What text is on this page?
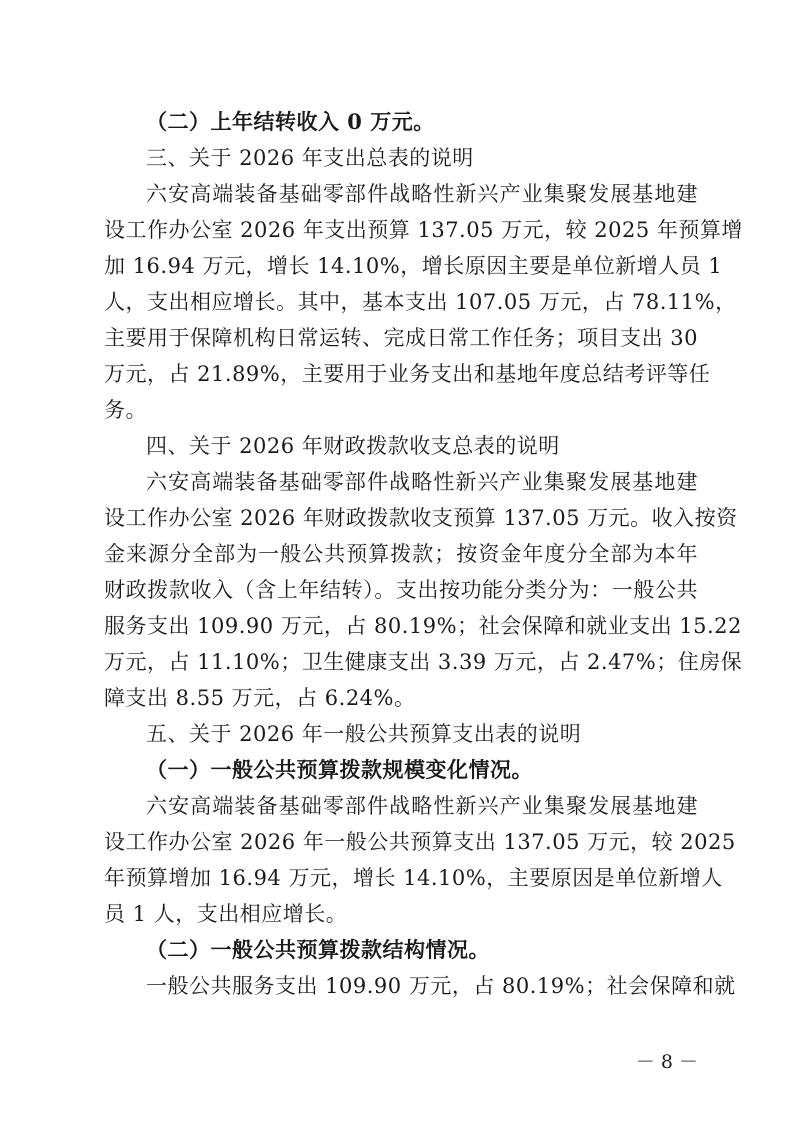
（二）上年结转收入 0 万元。
三、关于 2026 年支出总表的说明
六安高端装备基础零部件战略性新兴产业集聚发展基地建
设工作办公室 2026 年支出预算 137.05 万元，较 2025 年预算增
加 16.94 万元，增长 14.10%，增长原因主要是单位新增人员 1
人，支出相应增长。其中，基本支出 107.05 万元，占 78.11%，
主要用于保障机构日常运转、完成日常工作任务；项目支出 30
万元，占 21.89%，主要用于业务支出和基地年度总结考评等任
务。
四、关于 2026 年财政拨款收支总表的说明
六安高端装备基础零部件战略性新兴产业集聚发展基地建
设工作办公室 2026 年财政拨款收支预算 137.05 万元。收入按资
金来源分全部为一般公共预算拨款；按资金年度分全部为本年
财政拨款收入（含上年结转）。支出按功能分类分为：一般公共
服务支出 109.90 万元，占 80.19%；社会保障和就业支出 15.22
万元，占 11.10%；卫生健康支出 3.39 万元，占 2.47%；住房保
障支出 8.55 万元，占 6.24%。
五、关于 2026 年一般公共预算支出表的说明
（一）一般公共预算拨款规模变化情况。
六安高端装备基础零部件战略性新兴产业集聚发展基地建
设工作办公室 2026 年一般公共预算支出 137.05 万元，较 2025
年预算增加 16.94 万元，增长 14.10%，主要原因是单位新增人
员 1 人，支出相应增长。
（二）一般公共预算拨款结构情况。
一般公共服务支出 109.90 万元，占 80.19%；社会保障和就
－ 8 －
